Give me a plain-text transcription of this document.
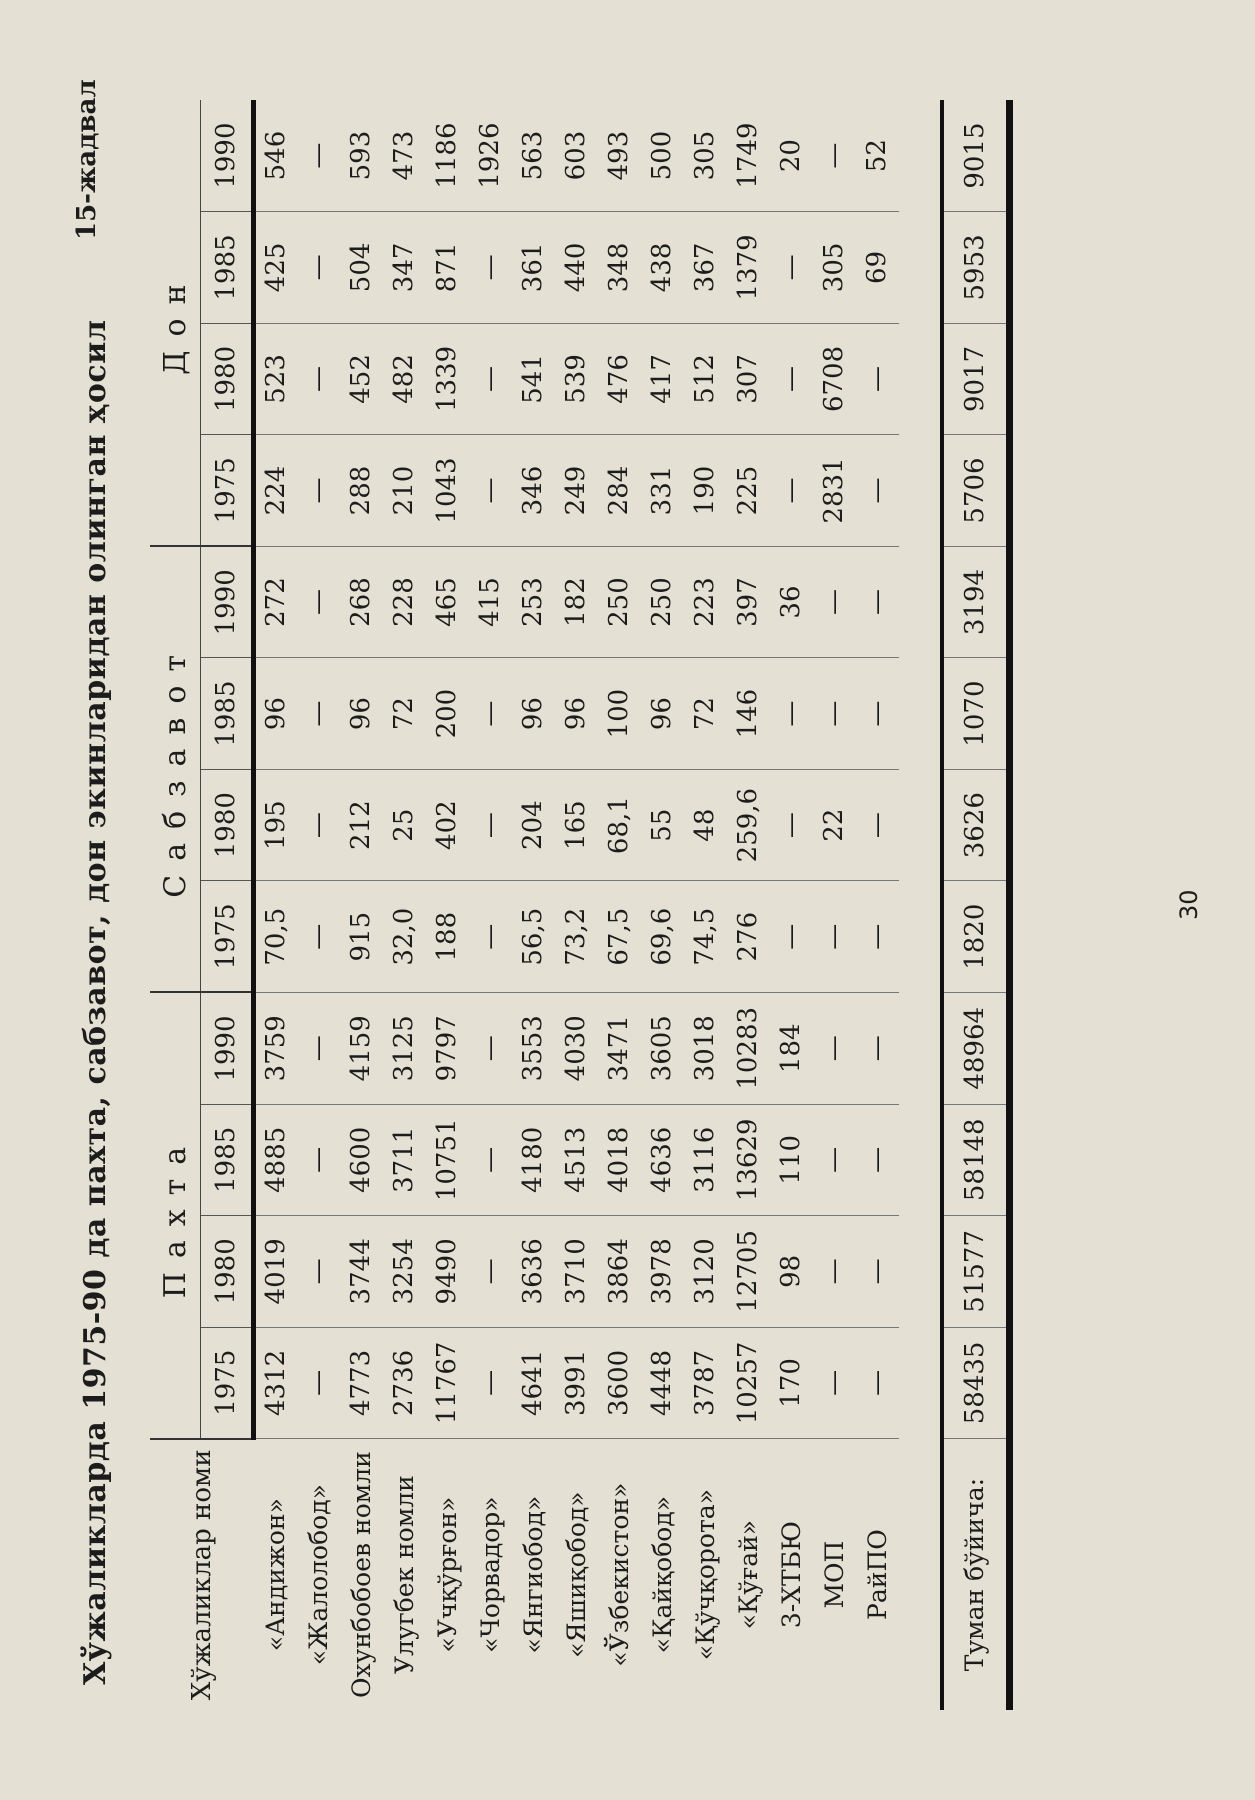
Хўжаликларда 1975-90 да пахта, сабзавот, дон экинларидан олинган ҳосил
15-жадвал
Хўжаликлар номи	Пахта				Сабзавот				Дон			
	1975	1980	1985	1990	1975	1980	1985	1990	1975	1980	1985	1990
«Андижон»	4312	4019	4885	3759	70,5	195	96	272	224	523	425	546
«Жалолобод»	—	—	—	—	—	—	—	—	—	—	—	—
Охунбобоев номли	4773	3744	4600	4159	915	212	96	268	288	452	504	593
Улугбек номли	2736	3254	3711	3125	32,0	25	72	228	210	482	347	473
«Учқўрғон»	11767	9490	10751	9797	188	402	200	465	1043	1339	871	1186
«Чорвадор»	—	—	—	—	—	—	—	415	—	—	—	1926
«Янгиобод»	4641	3636	4180	3553	56,5	204	96	253	346	541	361	563
«Яшиқобод»	3991	3710	4513	4030	73,2	165	96	182	249	539	440	603
«Ўзбекистон»	3600	3864	4018	3471	67,5	68,1	100	250	284	476	348	493
«Қайқобод»	4448	3978	4636	3605	69,6	55	96	250	331	417	438	500
«Қўчқорота»	3787	3120	3116	3018	74,5	48	72	223	190	512	367	305
«Қўғай»	10257	12705	13629	10283	276	259,6	146	397	225	307	1379	1749
3-ХТБЮ	170	98	110	184	—	—	—	36	—	—	—	20
МОП	—	—	—	—	—	22	—	—	2831	6708	305	—
РайПО	—	—	—	—	—	—	—	—	—	—	69	52

Туман бўйича:	58435	51577	58148	48964	1820	3626	1070	3194	5706	9017	5953	9015
30
